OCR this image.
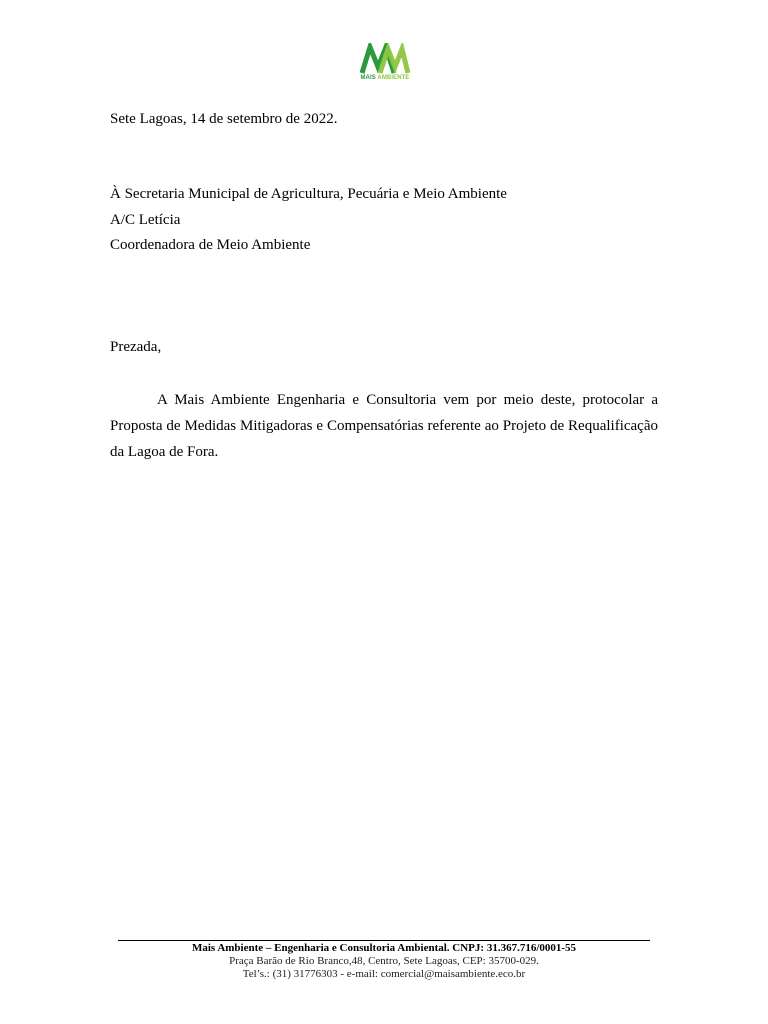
MAIS AMBIENTE
Sete Lagoas, 14 de setembro de 2022.
À Secretaria Municipal de Agricultura, Pecuária e Meio Ambiente
A/C Letícia
Coordenadora de Meio Ambiente
Prezada,

A Mais Ambiente Engenharia e Consultoria vem por meio deste, protocolar a Proposta de Medidas Mitigadoras e Compensatórias referente ao Projeto de Requalificação da Lagoa de Fora.

Mais Ambiente – Engenharia e Consultoria Ambiental. CNPJ: 31.367.716/0001-55
Praça Barão de Rio Branco,48, Centro, Sete Lagoas, CEP: 35700-029.
Tel’s.: (31) 31776303 - e-mail: comercial@maisambiente.eco.br
